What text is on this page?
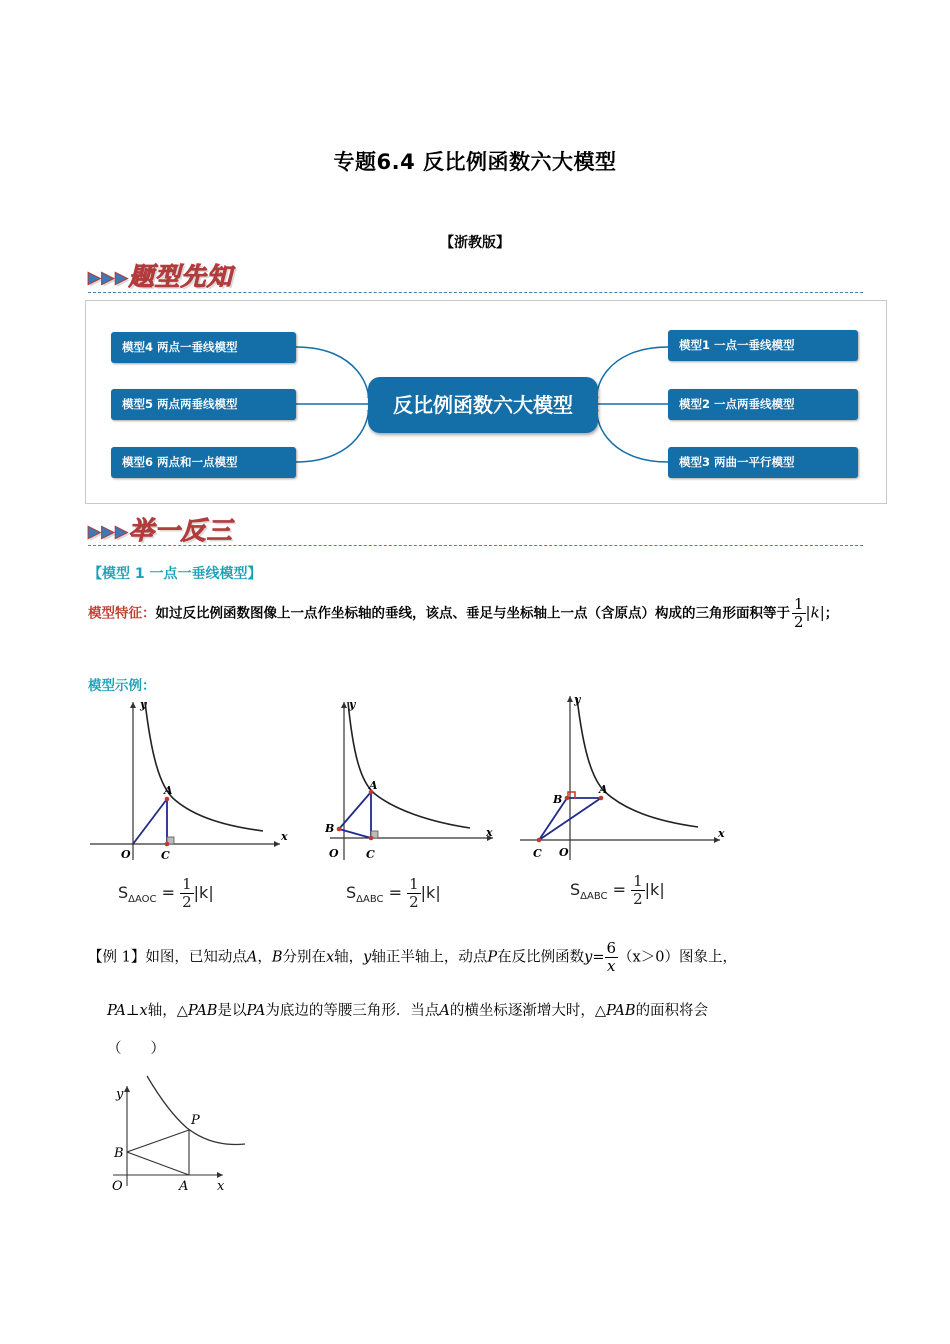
专题6.4 反比例函数六大模型
【浙教版】
▸▸▸题型先知
模型4 两点一垂线模型
模型5 两点两垂线模型
模型6 两点和一点模型
模型1 一点一垂线模型
模型2 一点两垂线模型
模型3 两曲一平行模型
反比例函数六大模型
▸▸▸举一反三
【模型 1 一点一垂线模型】
模型特征：如过反比例函数图像上一点作坐标轴的垂线，该点、垂足与坐标轴上一点（含原点）构成的三角形面积等于 $\frac{1}{2} |k|$；
模型示例：
y
x
O
A
C
y
x
O
A
B
C
y
x
O
A
B
C
$S_{\Delta AOC} = \frac{1}{2} |k|$	$S_{\Delta ABC} = \frac{1}{2} |k|$	$S_{\Delta ABC} = \frac{1}{2} |k|$
【例 1】如图，已知动点A，B分别在x轴，y轴正半轴上，动点P在反比例函数$y= \frac{6}{x} (x>0)$图象上，
PA⊥x轴，△PAB是以PA为底边的等腰三角形．当点A的横坐标逐渐增大时，△PAB的面积将会
（　　）
y
x
O	A
B
P
